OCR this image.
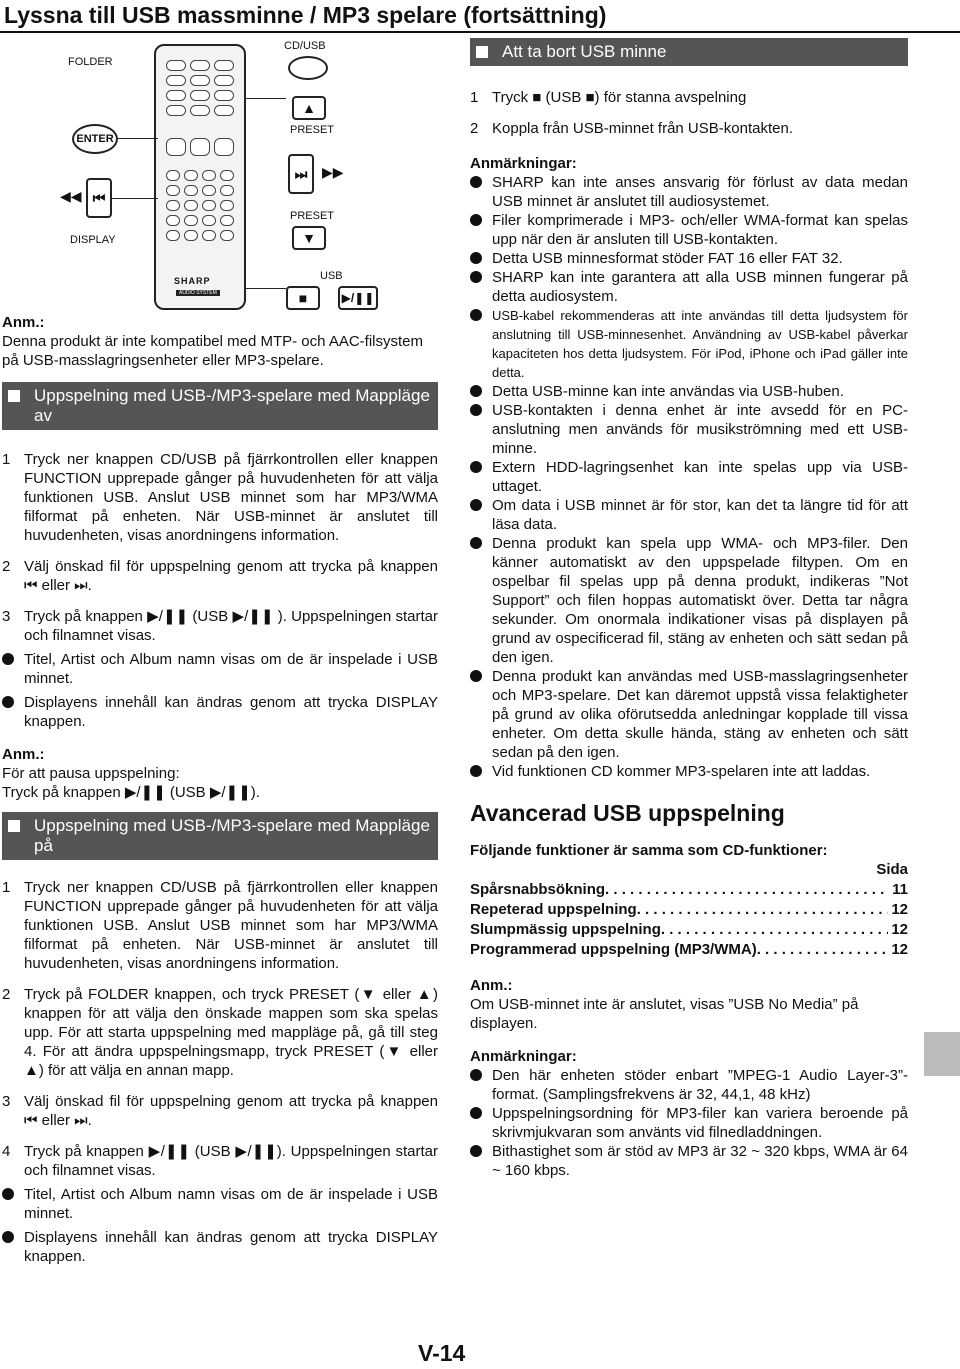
Lyssna till USB massminne / MP3 spelare (fortsättning)
FOLDER
ENTER
◀◀ ⏮
DISPLAY
SHARP
AUDIO SYSTEM
CD/USB
▲
PRESET
⏭	▶▶
PRESET
▼
USB
■	▶/❚❚
Anm.:

Denna produkt är inte kompatibel med MTP- och AAC-filsystem på USB-masslagringsenheter eller MP3-spelare.

Uppspelning med USB-/MP3-spelare med Mappläge av
1 Tryck ner knappen CD/USB på fjärrkontrollen eller knappen FUNCTION upprepade gånger på huvudenheten för att välja funktionen USB. Anslut USB minnet som har MP3/WMA filformat på enheten. När USB-minnet är anslutet till huvudenheten, visas anordningens information.
2 Välj önskad fil för uppspelning genom att trycka på knappen ⏮ eller ⏭.
3 Tryck på knappen ▶/❚❚ (USB ▶/❚❚ ). Uppspelningen startar och filnamnet visas.
Titel, Artist och Album namn visas om de är inspelade i USB minnet.
Displayens innehåll kan ändras genom att trycka DISPLAY knappen.
Anm.:

För att pausa uppspelning:

Tryck på knappen ▶/❚❚ (USB ▶/❚❚).

Uppspelning med USB-/MP3-spelare med Mappläge på
1 Tryck ner knappen CD/USB på fjärrkontrollen eller knappen FUNCTION upprepade gånger på huvudenheten för att välja funktionen USB. Anslut USB minnet som har MP3/WMA filformat på enheten. När USB-minnet är anslutet till huvudenheten, visas anordningens information.
2 Tryck på FOLDER knappen, och tryck PRESET (▼ eller ▲) knappen för att välja den önskade mappen som ska spelas upp. För att starta uppspelning med mappläge på, gå till steg 4. För att ändra uppspelningsmapp, tryck PRESET (▼ eller ▲) för att välja en annan mapp.
3 Välj önskad fil för uppspelning genom att trycka på knappen ⏮ eller ⏭.
4 Tryck på knappen ▶/❚❚ (USB ▶/❚❚). Uppspelningen startar och filnamnet visas.
Titel, Artist och Album namn visas om de är inspelade i USB minnet.
Displayens innehåll kan ändras genom att trycka DISPLAY knappen.
Att ta bort USB minne
1 Tryck ■ (USB ■) för stanna avspelning
2 Koppla från USB-minnet från USB-kontakten.
Anmärkningar:
SHARP kan inte anses ansvarig för förlust av data medan USB minnet är anslutet till audiosystemet.
Filer komprimerade i MP3- och/eller WMA-format kan spelas upp när den är ansluten till USB-kontakten.
Detta USB minnesformat stöder FAT 16 eller FAT 32.
SHARP kan inte garantera att alla USB minnen fungerar på detta audiosystem.
USB-kabel rekommenderas att inte användas till detta ljudsystem för anslutning till USB-minnesenhet. Användning av USB-kabel påverkar kapaciteten hos detta ljudsystem. För iPod, iPhone och iPad gäller inte detta.
Detta USB-minne kan inte användas via USB-huben.
USB-kontakten i denna enhet är inte avsedd för en PC-anslutning men används för musikströmning med ett USB-minne.
Extern HDD-lagringsenhet kan inte spelas upp via USB-uttaget.
Om data i USB minnet är för stor, kan det ta längre tid för att läsa data.
Denna produkt kan spela upp WMA- och MP3-filer. Den känner automatiskt av den uppspelade filtypen. Om en ospelbar fil spelas upp på denna produkt, indikeras ”Not Support” och filen hoppas automatiskt över. Detta tar några sekunder. Om onormala indikationer visas på displayen på grund av ospecificerad fil, stäng av enheten och sätt sedan på den igen.
Denna produkt kan användas med USB-masslagringsenheter och MP3-spelare. Det kan däremot uppstå vissa felaktigheter på grund av olika oförutsedda anledningar kopplade till vissa enheter. Om detta skulle hända, stäng av enheten och sätt sedan på den igen.
Vid funktionen CD kommer MP3-spelaren inte att laddas.
Avancerad USB uppspelning

Följande funktioner är samma som CD-funktioner:

Sida
Spårsnabbsökning . . .	11
Repeterad uppspelning . . .	12
Slumpmässig uppspelning . . .	12
Programmerad uppspelning (MP3/WMA) . . .	12
Anm.:

Om USB-minnet inte är anslutet, visas ”USB No Media” på displayen.

Anmärkningar:
Den här enheten stöder enbart ”MPEG-1 Audio Layer-3”-format. (Samplingsfrekvens är 32, 44,1, 48 kHz)
Uppspelningsordning för MP3-filer kan variera beroende på skrivmjukvaran som använts vid filnedladdningen.
Bithastighet som är stöd av MP3 är 32 ~ 320 kbps, WMA är 64 ~ 160 kbps.
V-14
